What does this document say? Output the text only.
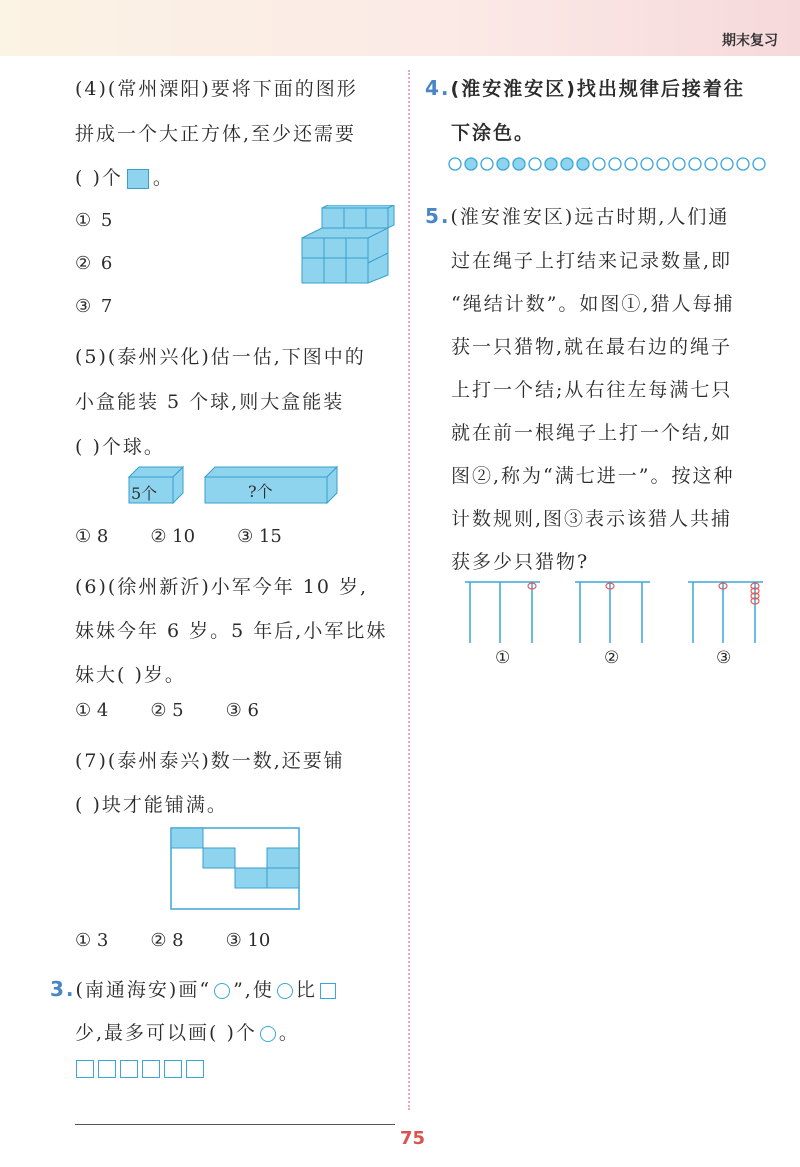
期末复习
(4)(常州溧阳)要将下面的图形
拼成一个大正方体,至少还需要
( )个 。
① 5
② 6
③ 7
(5)(泰州兴化)估一估,下图中的
小盒能装 5 个球,则大盒能装
( )个球。
5个	?个
① 8 ② 10 ③ 15
(6)(徐州新沂)小军今年 10 岁,
妹妹今年 6 岁。5 年后,小军比妹
妹大( )岁。
① 4 ② 5 ③ 6
(7)(泰州泰兴)数一数,还要铺
( )块才能铺满。
① 3 ② 8 ③ 10
3.(南通海安)画“ ”,使 比
少,最多可以画( )个 。
4.(淮安淮安区)找出规律后接着往
下涂色。
5.(淮安淮安区)远古时期,人们通
过在绳子上打结来记录数量,即
“绳结计数”。如图①,猎人每捕
获一只猎物,就在最右边的绳子
上打一个结;从右往左每满七只
就在前一根绳子上打一个结,如
图②,称为“满七进一”。按这种
计数规则,图③表示该猎人共捕
获多少只猎物?
①	②	③
75
